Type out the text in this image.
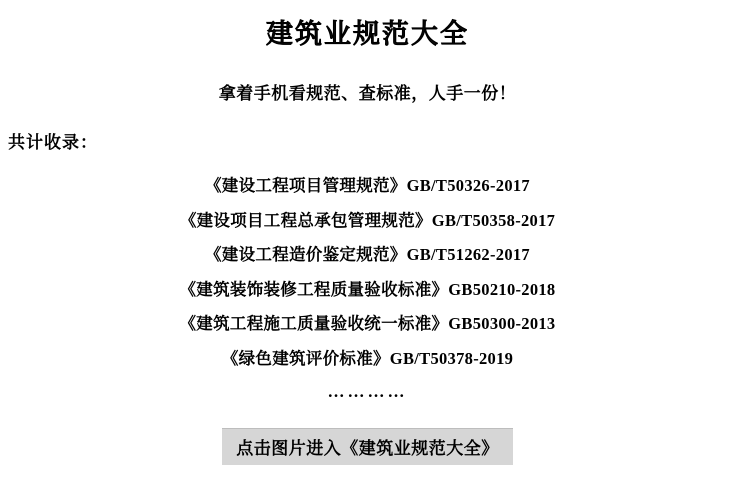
建筑业规范大全
拿着手机看规范、查标准，人手一份！
共计收录：
《建设工程项目管理规范》GB/T50326-2017
《建设项目工程总承包管理规范》GB/T50358-2017
《建设工程造价鉴定规范》GB/T51262-2017
《建筑装饰装修工程质量验收标准》GB50210-2018
《建筑工程施工质量验收统一标准》GB50300-2013
《绿色建筑评价标准》GB/T50378-2019
…………
点击图片进入《建筑业规范大全》
